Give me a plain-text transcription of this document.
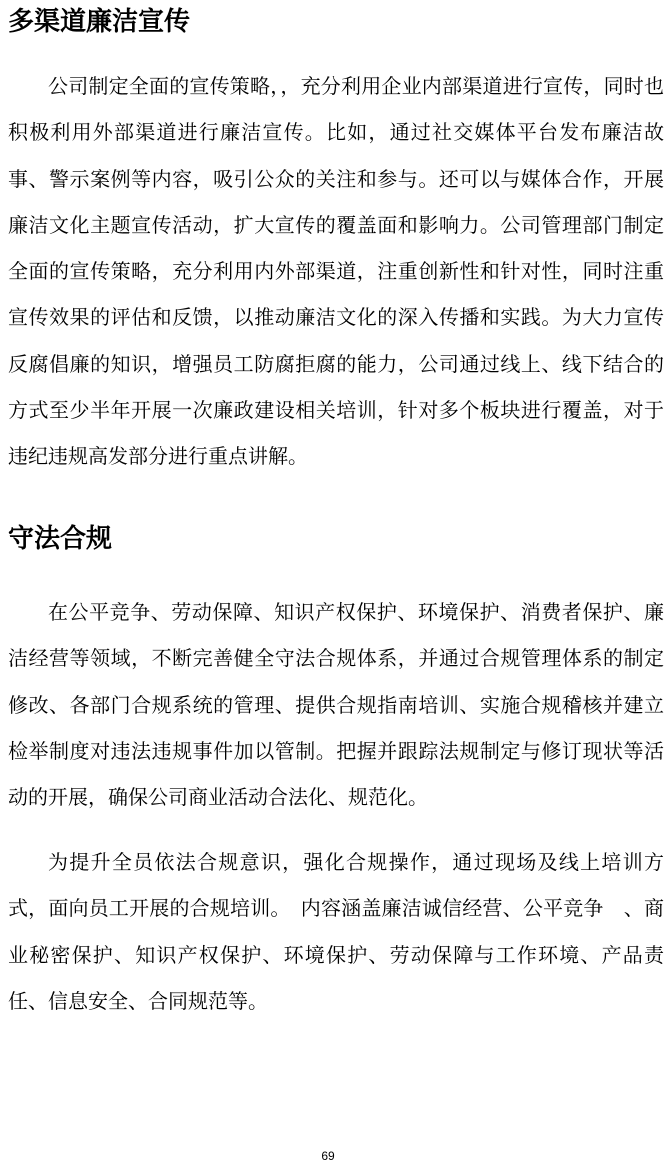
多渠道廉洁宣传

公司制定全面的宣传策略，，充分利用企业内部渠道进行宣传，同时也积极利用外部渠道进行廉洁宣传。比如，通过社交媒体平台发布廉洁故事、警示案例等内容，吸引公众的关注和参与。还可以与媒体合作，开展廉洁文化主题宣传活动，扩大宣传的覆盖面和影响力。公司管理部门制定全面的宣传策略，充分利用内外部渠道，注重创新性和针对性，同时注重宣传效果的评估和反馈，以推动廉洁文化的深入传播和实践。为大力宣传反腐倡廉的知识，增强员工防腐拒腐的能力，公司通过线上、线下结合的方式至少半年开展一次廉政建设相关培训，针对多个板块进行覆盖，对于违纪违规高发部分进行重点讲解。

守法合规

在公平竞争、劳动保障、知识产权保护、环境保护、消费者保护、廉洁经营等领域，不断完善健全守法合规体系，并通过合规管理体系的制定修改、各部门合规系统的管理、提供合规指南培训、实施合规稽核并建立检举制度对违法违规事件加以管制。把握并跟踪法规制定与修订现状等活动的开展，确保公司商业活动合法化、规范化。

为提升全员依法合规意识，强化合规操作，通过现场及线上培训方式，面向员工开展的合规培训。　内容涵盖廉洁诚信经营、公平竞争　、商业秘密保护、知识产权保护、环境保护、劳动保障与工作环境、产品责任、信息安全、合同规范等。

69
